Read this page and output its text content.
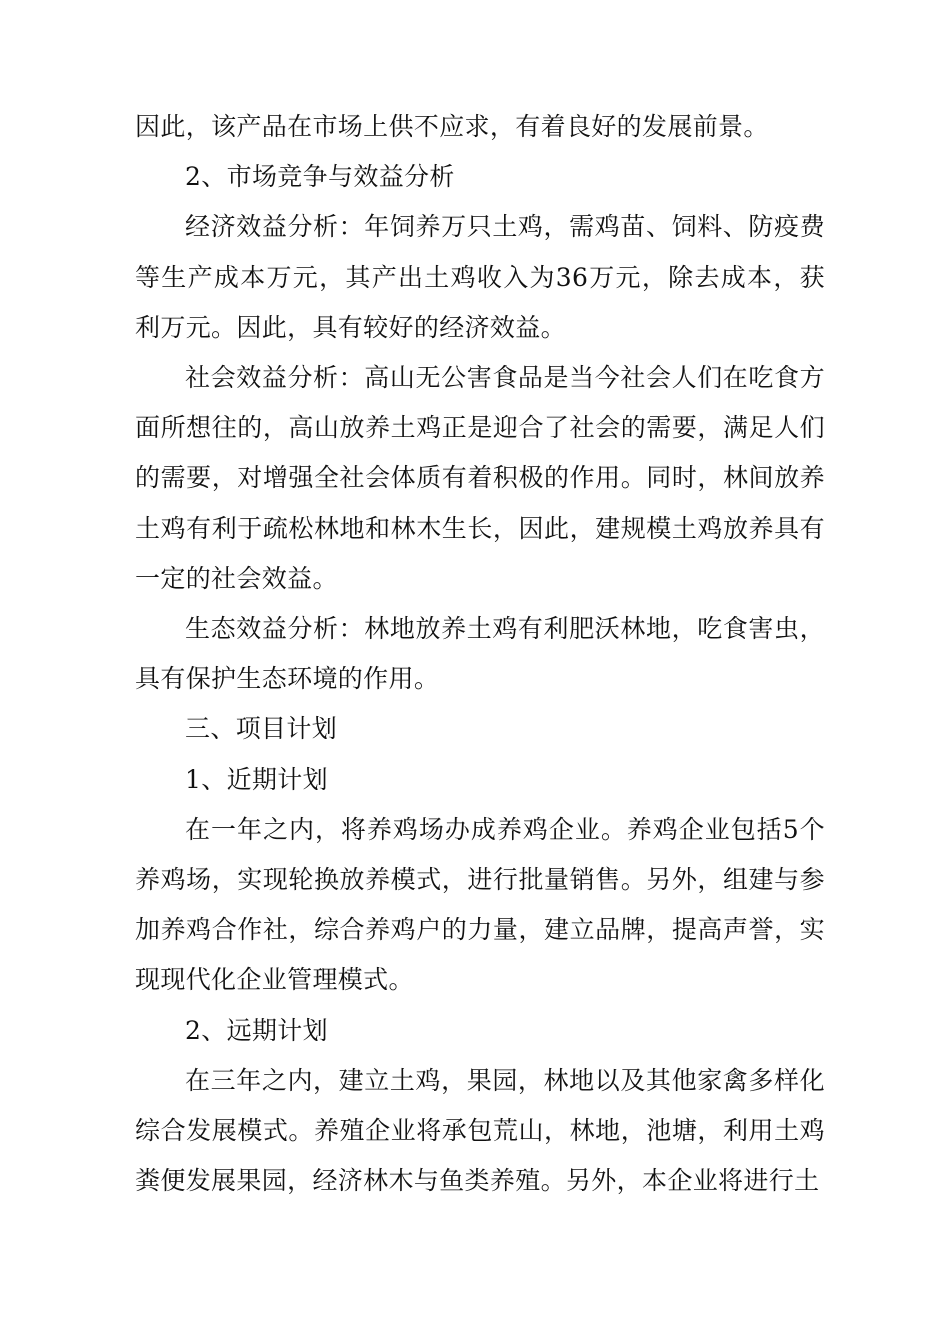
因此，该产品在市场上供不应求，有着良好的发展前景。

2、市场竞争与效益分析

经济效益分析：年饲养万只土鸡，需鸡苗、饲料、防疫费等生产成本万元，其产出土鸡收入为36万元，除去成本，获利万元。因此，具有较好的经济效益。

社会效益分析：高山无公害食品是当今社会人们在吃食方面所想往的，高山放养土鸡正是迎合了社会的需要，满足人们的需要，对增强全社会体质有着积极的作用。同时，林间放养土鸡有利于疏松林地和林木生长，因此，建规模土鸡放养具有一定的社会效益。

生态效益分析：林地放养土鸡有利肥沃林地，吃食害虫，具有保护生态环境的作用。

三、项目计划

1、近期计划

在一年之内，将养鸡场办成养鸡企业。养鸡企业包括5个养鸡场，实现轮换放养模式，进行批量销售。另外，组建与参加养鸡合作社，综合养鸡户的力量，建立品牌，提高声誉，实现现代化企业管理模式。

2、远期计划

在三年之内，建立土鸡，果园，林地以及其他家禽多样化综合发展模式。养殖企业将承包荒山，林地，池塘，利用土鸡粪便发展果园，经济林木与鱼类养殖。另外，本企业将进行土
